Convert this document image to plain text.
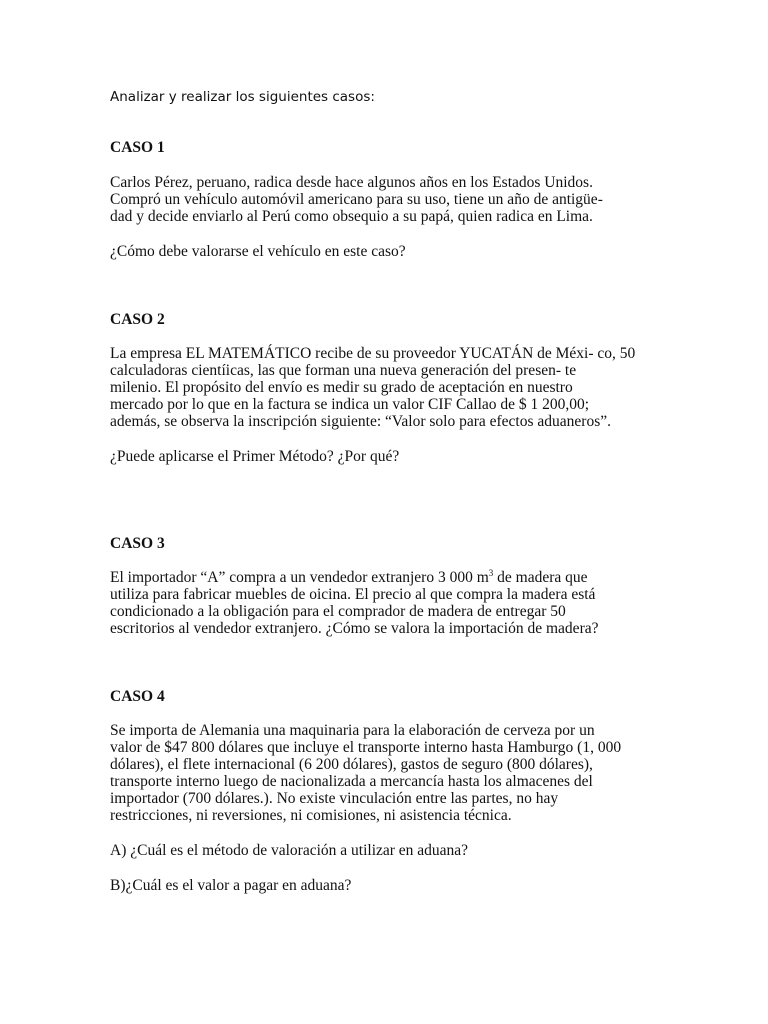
Analizar y realizar los siguientes casos:
CASO 1
Carlos Pérez, peruano, radica desde hace algunos años en los Estados Unidos.
Compró un vehículo automóvil americano para su uso, tiene un año de antigüe-
dad y decide enviarlo al Perú como obsequio a su papá, quien radica en Lima.
¿Cómo debe valorarse el vehículo en este caso?
CASO 2
La empresa EL MATEMÁTICO recibe de su proveedor YUCATÁN de Méxi- co, 50
calculadoras cientíicas, las que forman una nueva generación del presen- te
milenio. El propósito del envío es medir su grado de aceptación en nuestro
mercado por lo que en la factura se indica un valor CIF Callao de $ 1 200,00;
además, se observa la inscripción siguiente: “Valor solo para efectos aduaneros”.
¿Puede aplicarse el Primer Método? ¿Por qué?
CASO 3
El importador “A” compra a un vendedor extranjero 3 000 $m^3$ de madera que
utiliza para fabricar muebles de oicina. El precio al que compra la madera está
condicionado a la obligación para el comprador de madera de entregar 50
escritorios al vendedor extranjero. ¿Cómo se valora la importación de madera?
CASO 4
Se importa de Alemania una maquinaria para la elaboración de cerveza por un
valor de $47 800 dólares que incluye el transporte interno hasta Hamburgo (1, 000
dólares), el flete internacional (6 200 dólares), gastos de seguro (800 dólares),
transporte interno luego de nacionalizada a mercancía hasta los almacenes del
importador (700 dólares.). No existe vinculación entre las partes, no hay
restricciones, ni reversiones, ni comisiones, ni asistencia técnica.
A) ¿Cuál es el método de valoración a utilizar en aduana?
B)¿Cuál es el valor a pagar en aduana?
